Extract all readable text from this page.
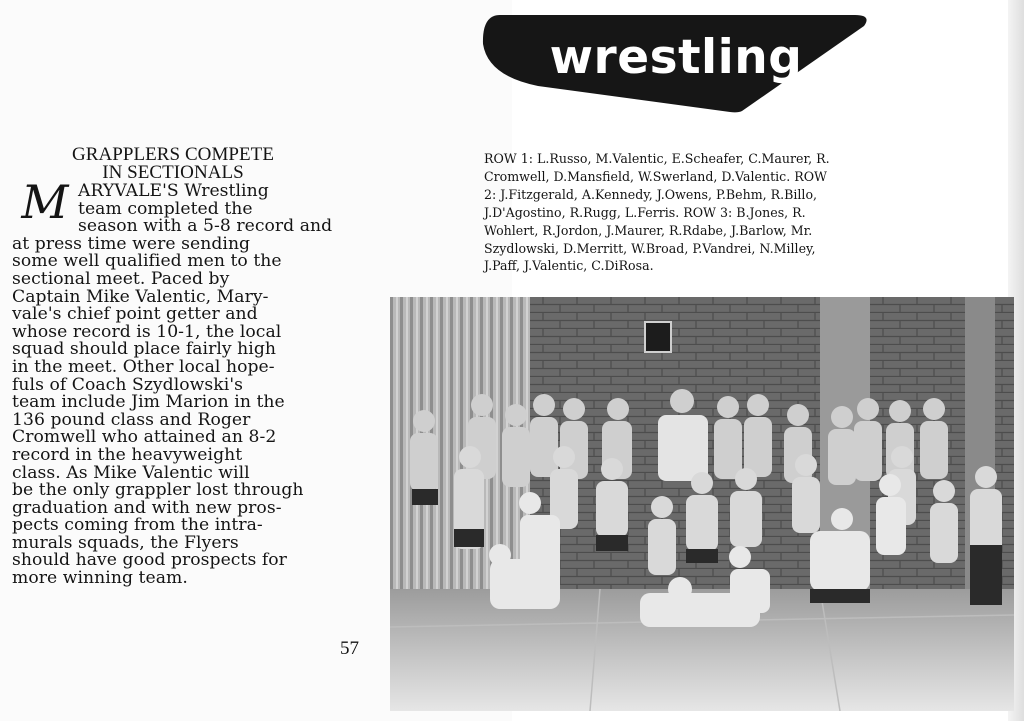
GRAPPLERS COMPETE
IN SECTIONALS
M ARYVALE'S Wrestling

team completed the

season with a 5-8 record and

at press time were sending

some well qualified men to the

sectional meet. Paced by

Captain Mike Valentic, Mary-

vale's chief point getter and

whose record is 10-1, the local

squad should place fairly high

in the meet. Other local hope-

fuls of Coach Szydlowski's

team include Jim Marion in the

136 pound class and Roger

Cromwell who attained an 8-2

record in the heavyweight

class. As Mike Valentic will

be the only grappler lost through

graduation and with new pros-

pects coming from the intra-

murals squads, the Flyers

should have good prospects for

more winning team.

57
wrestling
ROW 1: L.Russo, M.Valentic, E.Scheafer, C.Maurer, R.
Cromwell, D.Mansfield, W.Swerland, D.Valentic. ROW
2: J.Fitzgerald, A.Kennedy, J.Owens, P.Behm, R.Billo,
J.D'Agostino, R.Rugg, L.Ferris. ROW 3: B.Jones, R.
Wohlert, R.Jordon, J.Maurer, R.Rdabe, J.Barlow, Mr.
Szydlowski, D.Merritt, W.Broad, P.Vandrei, N.Milley,
J.Paff, J.Valentic, C.DiRosa.
